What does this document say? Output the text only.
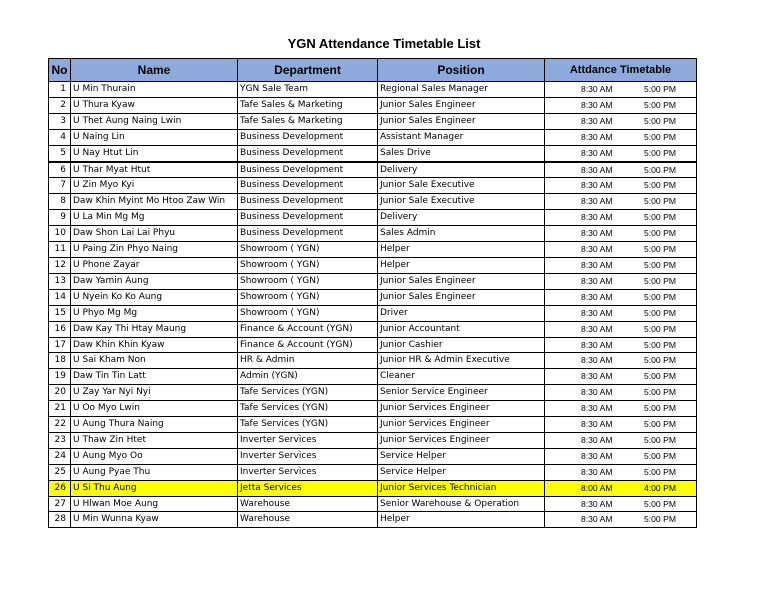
YGN Attendance Timetable List
No	Name	Department	Position	Attdance Timetable	
1	U Min Thurain	YGN Sale Team	Regional Sales Manager	8:30 AM	5:00 PM
2	U Thura Kyaw	Tafe Sales & Marketing	Junior Sales Engineer	8:30 AM	5:00 PM
3	U Thet Aung Naing Lwin	Tafe Sales & Marketing	Junior Sales Engineer	8:30 AM	5:00 PM
4	U Naing Lin	Business Development	Assistant Manager	8:30 AM	5:00 PM
5	U Nay Htut Lin	Business Development	Sales Drive	8:30 AM	5:00 PM
6	U Thar Myat Htut	Business Development	Delivery	8:30 AM	5:00 PM
7	U Zin Myo Kyi	Business Development	Junior Sale Executive	8:30 AM	5:00 PM
8	Daw Khin Myint Mo Htoo Zaw Win	Business Development	Junior Sale Executive	8:30 AM	5:00 PM
9	U La Min Mg Mg	Business Development	Delivery	8:30 AM	5:00 PM
10	Daw Shon Lai Lai Phyu	Business Development	Sales Admin	8:30 AM	5:00 PM
11	U Paing Zin Phyo Naing	Showroom ( YGN)	Helper	8:30 AM	5:00 PM
12	U Phone Zayar	Showroom ( YGN)	Helper	8:30 AM	5:00 PM
13	Daw Yamin Aung	Showroom ( YGN)	Junior Sales Engineer	8:30 AM	5:00 PM
14	U Nyein Ko Ko Aung	Showroom ( YGN)	Junior Sales Engineer	8:30 AM	5:00 PM
15	U Phyo Mg Mg	Showroom ( YGN)	Driver	8:30 AM	5:00 PM
16	Daw Kay Thi Htay Maung	Finance & Account (YGN)	Junior Accountant	8:30 AM	5:00 PM
17	Daw Khin Khin Kyaw	Finance & Account (YGN)	Junior Cashier	8:30 AM	5:00 PM
18	U Sai Kham Non	HR & Admin	Junior HR & Admin Executive	8:30 AM	5:00 PM
19	Daw Tin Tin Latt	Admin (YGN)	Cleaner	8:30 AM	5:00 PM
20	U Zay Yar Nyi Nyi	Tafe Services (YGN)	Senior Service Engineer	8:30 AM	5:00 PM
21	U Oo Myo Lwin	Tafe Services (YGN)	Junior Services Engineer	8:30 AM	5:00 PM
22	U Aung Thura Naing	Tafe Services (YGN)	Junior Services Engineer	8:30 AM	5:00 PM
23	U Thaw Zin Htet	Inverter Services	Junior Services Engineer	8:30 AM	5:00 PM
24	U Aung Myo Oo	Inverter Services	Service Helper	8:30 AM	5:00 PM
25	U Aung Pyae Thu	Inverter Services	Service Helper	8:30 AM	5:00 PM
26	U Si Thu Aung	Jetta Services	Junior Services Technician	8:00 AM	4:00 PM
27	U Hlwan Moe Aung	Warehouse	Senior Warehouse & Operation	8:30 AM	5:00 PM
28	U Min Wunna Kyaw	Warehouse	Helper	8:30 AM	5:00 PM
